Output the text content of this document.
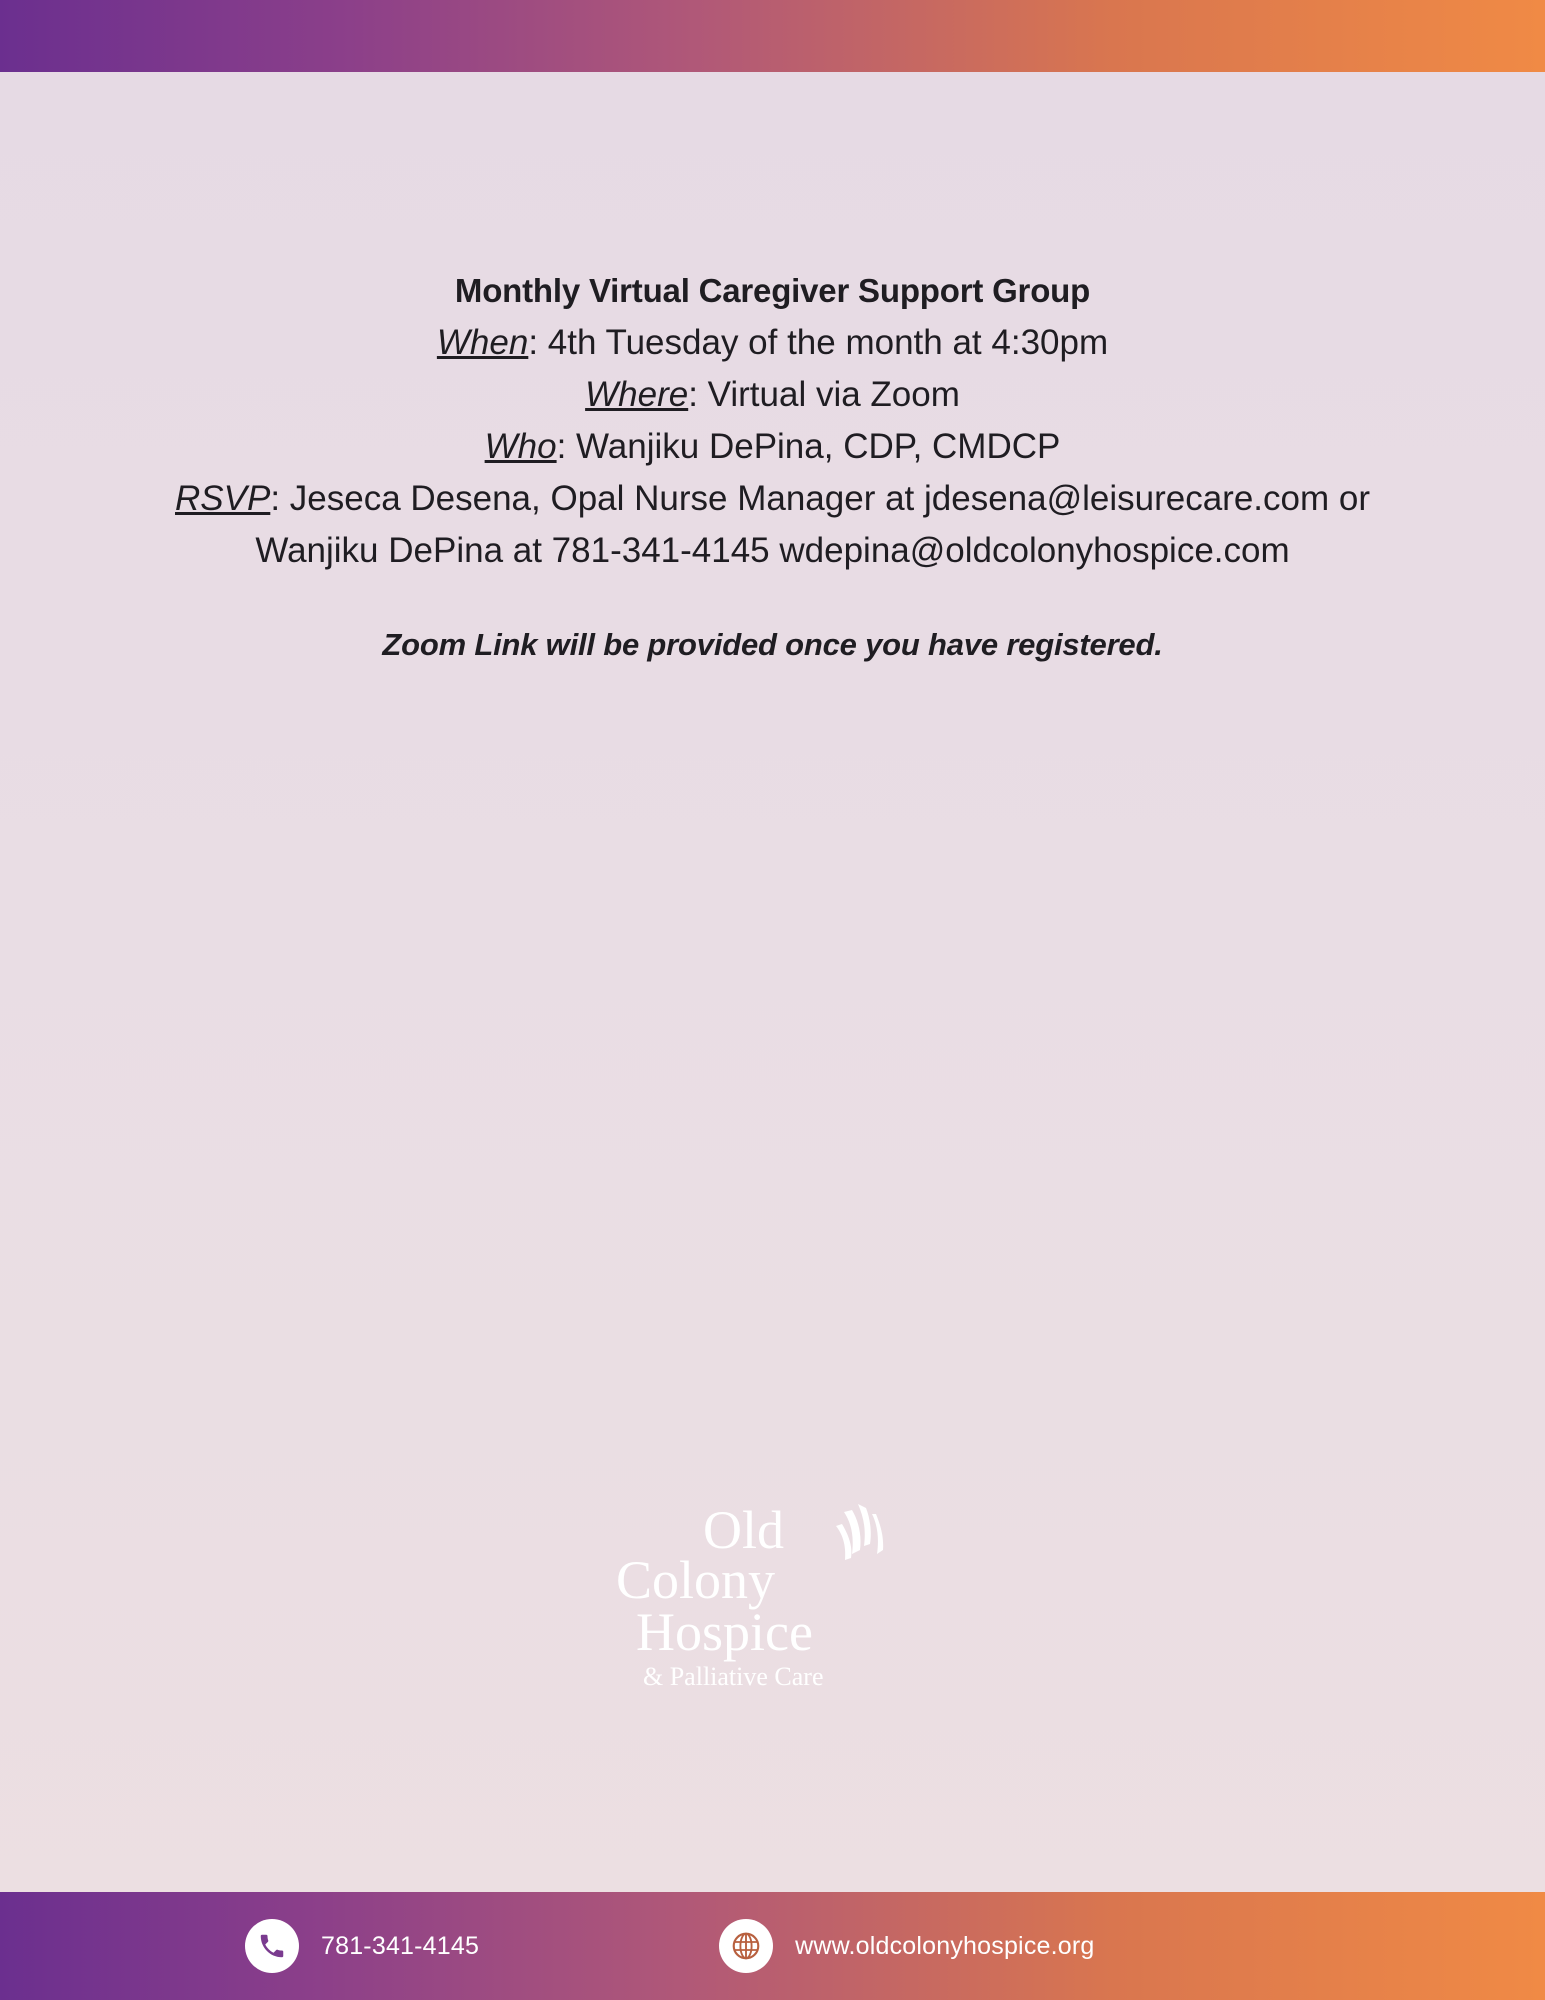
Monthly Virtual Caregiver Support Group
When: 4th Tuesday of the month at 4:30pm
Where: Virtual via Zoom
Who: Wanjiku DePina, CDP, CMDCP
RSVP: Jeseca Desena, Opal Nurse Manager at jdesena@leisurecare.com or
Wanjiku DePina at 781-341-4145 wdepina@oldcolonyhospice.com
Zoom Link will be provided once you have registered.
Old
Colony
Hospice
& Palliative Care
781-341-4145	www.oldcolonyhospice.org
